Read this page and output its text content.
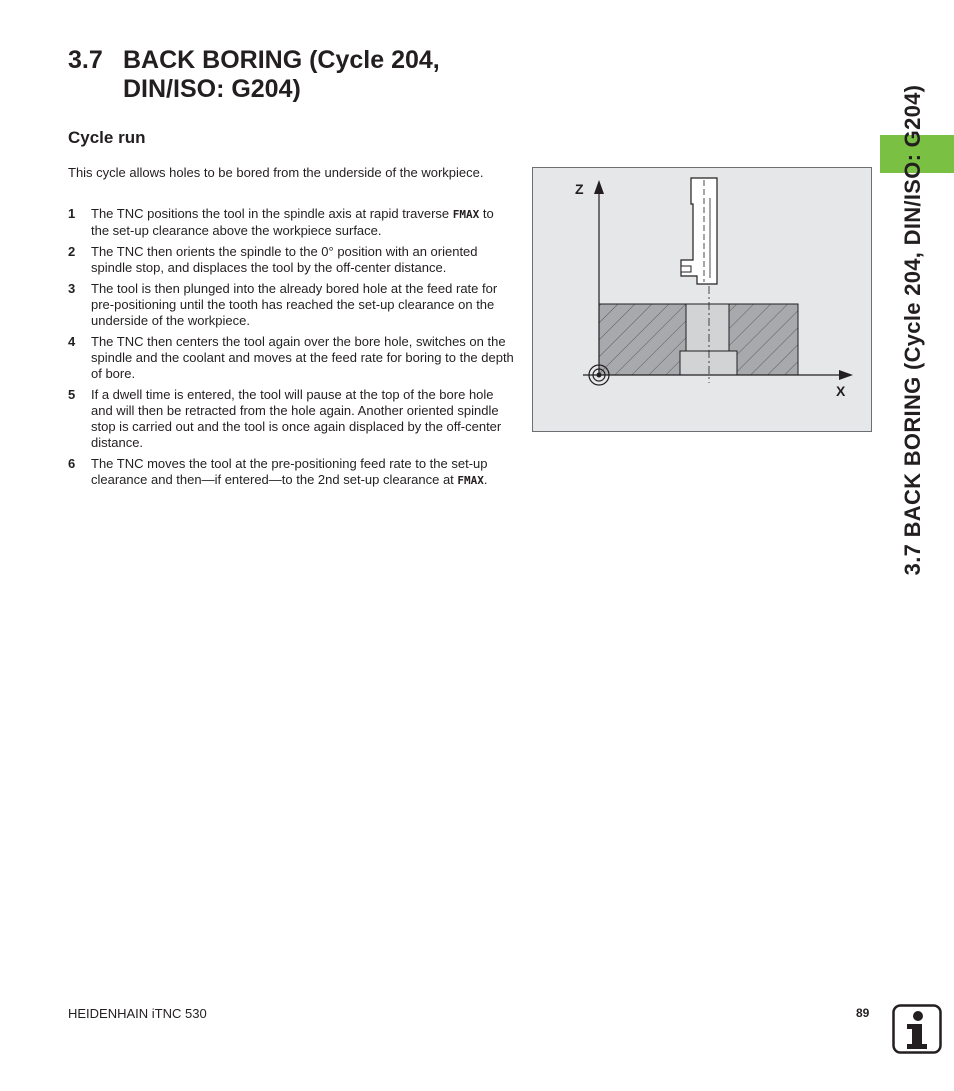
3.7 BACK BORING (Cycle 204,
DIN/ISO: G204)
Cycle run

This cycle allows holes to be bored from the underside of the workpiece.

1 The TNC positions the tool in the spindle axis at rapid traverse FMAX to the set-up clearance above the workpiece surface.
2 The TNC then orients the spindle to the 0° position with an oriented spindle stop, and displaces the tool by the off-center distance.
3 The tool is then plunged into the already bored hole at the feed rate for pre-positioning until the tooth has reached the set-up clearance on the underside of the workpiece.
4 The TNC then centers the tool again over the bore hole, switches on the spindle and the coolant and moves at the feed rate for boring to the depth of bore.
5 If a dwell time is entered, the tool will pause at the top of the bore hole and will then be retracted from the hole again. Another oriented spindle stop is carried out and the tool is once again displaced by the off-center distance.
6 The TNC moves the tool at the pre-positioning feed rate to the set-up clearance and then—if entered—to the 2nd set-up clearance at FMAX.
Z
X 3.7 BACK BORING (Cycle 204, DIN/ISO: G204)
HEIDENHAIN iTNC 530	89
